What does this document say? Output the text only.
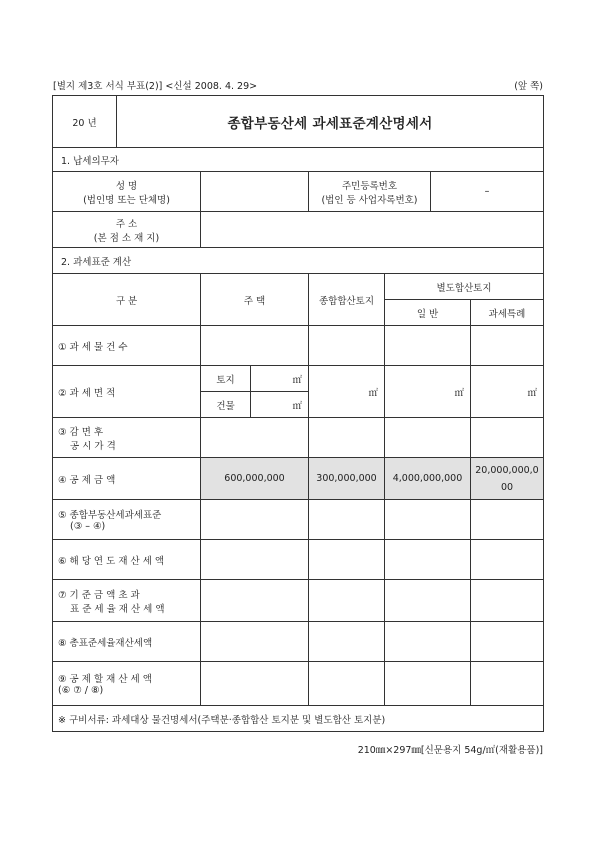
[별지 제3호 서식 부표(2)] <신설 2008. 4. 29>	(앞 쪽)
20 년	종합부동산세 과세표준계산명세서						
1. 납세의무자							

성 명
(법인명 또는 단체명)				주민등록번호
(법인 등 사업자록번호)		–	

주 소
(본 점 소 재 지)							

2. 과세표준 계산							
구 분		주 택		종합합산토지	별도합산토지		
					일 반		과세특례
① 과 세 물 건 수							
② 과 세 면 적		토지	㎡	㎡	㎡		㎡
		건물	㎡				

③ 감 면 후
공 시 가 격							

④ 공 제 금 액		600,000,000		300,000,000	4,000,000,000		20,000,000,000

⑤ 종합부동산세과세표준
(③ – ④)							

⑥ 해 당 연 도 재 산 세 액							

⑦ 기 준 금 액 초 과
표 준 세 율 재 산 세 액							

⑧ 총표준세율재산세액							

⑨ 공 제 할 재 산 세 액
(⑥ ⑦ / ⑧)							

※ 구비서류: 과세대상 물건명세서(주택분·종합합산 토지분 및 별도합산 토지분)							
210㎜×297㎜[신문용지 54g/㎡(재활용품)]
